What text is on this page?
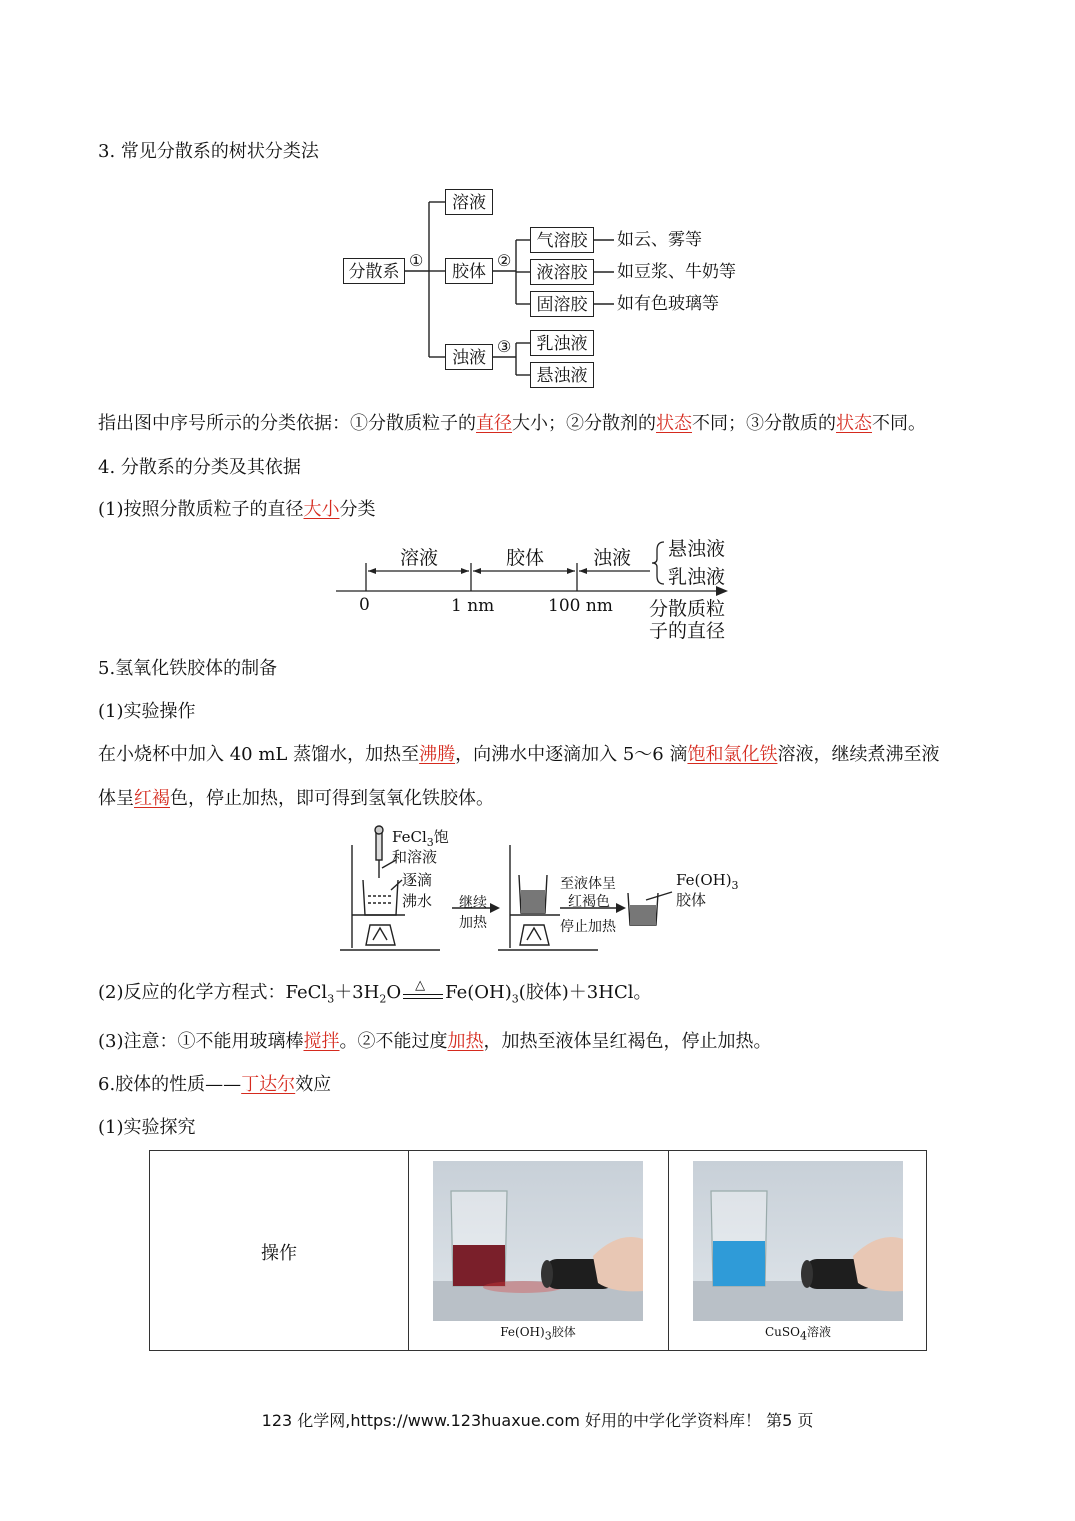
3. 常见分散系的树状分类法
分散系
①
溶液
胶体
②
浊液
③
气溶胶	如云、雾等
液溶胶	如豆浆、牛奶等
固溶胶	如有色玻璃等
乳浊液
悬浊液
指出图中序号所示的分类依据：①分散质粒子的直径大小；②分散剂的状态不同；③分散质的状态不同。
4. 分散系的分类及其依据
(1)按照分散质粒子的直径大小分类
溶液	胶体	浊液 悬浊液
乳浊液
0	1 nm	100 nm 分散质粒
子的直径
5.氢氧化铁胶体的制备
(1)实验操作
在小烧杯中加入 40 mL 蒸馏水，加热至沸腾，向沸水中逐滴加入 5～6 滴饱和氯化铁溶液，继续煮沸至液
体呈红褐色，停止加热，即可得到氢氧化铁胶体。
FeCl$_3$饱
和溶液
逐滴
沸水 继续
加热
至液体呈
红褐色
停止加热
$Fe(OH)_3$
胶体
(2)反应的化学方程式：$FeCl_3+3H_2O$ △ $Fe(OH)_3$(胶体)＋3HCl。
(3)注意：①不能用玻璃棒搅拌。②不能过度加热，加热至液体呈红褐色，停止加热。
6.胶体的性质——丁达尔效应
(1)实验探究
操作
$Fe(OH)_3$胶体	CuSO$_4$溶液
123 化学网,https://www.123huaxue.com 好用的中学化学资料库！ 第5 页
